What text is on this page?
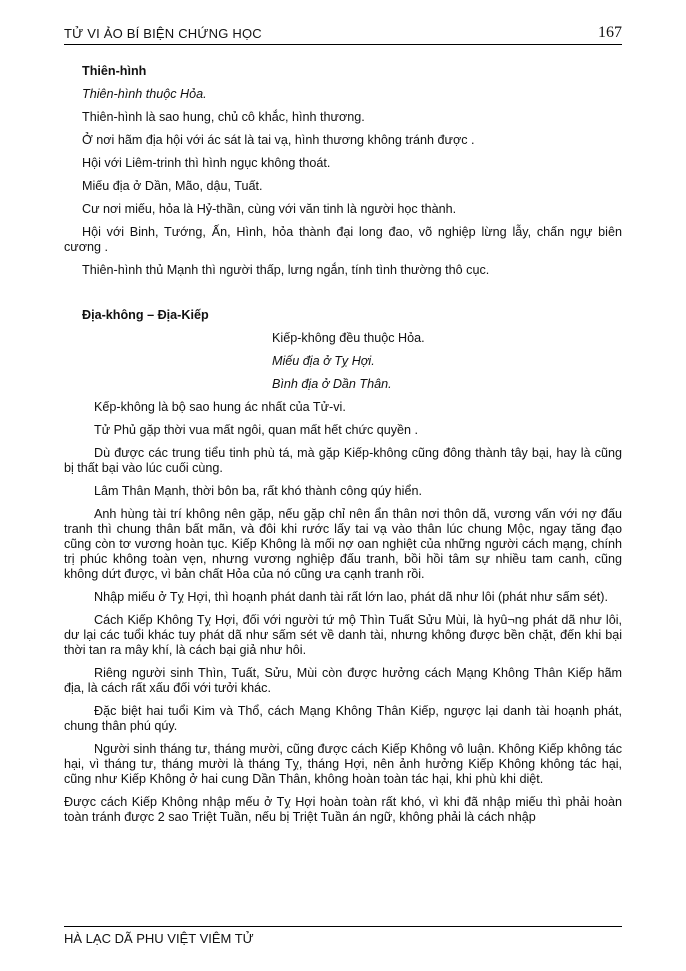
TỬ VI ẢO BÍ BIỆN CHỨNG HỌC	167

Thiên-hình

Thiên-hình thuộc Hỏa.

Thiên-hình là sao hung, chủ cô khắc, hình thương.

Ở nơi hãm địa hội với ác sát là tai vạ, hình thương không tránh được .

Hội với Liêm-trinh thì hình ngục không thoát.

Miếu địa ở Dần, Mão, dậu, Tuất.

Cư nơi miếu, hỏa là Hỷ-thần, cùng với văn tinh là người học thành.

Hội với Binh, Tướng, Ấn, Hình, hỏa thành đại long đao, võ nghiệp lừng lẫy, chấn ngự biên cương .

Thiên-hình thủ Mạnh thì người thấp, lưng ngắn, tính tình thường thô cục.

Địa-không – Địa-Kiếp

Kiếp-không đều thuộc Hỏa.

Miếu địa ở Tỵ Hợi.

Bình địa ở Dần Thân.

Kếp-không là bộ sao hung ác nhất của Tử-vi.

Tử Phủ gặp thời vua mất ngôi, quan mất hết chức quyền .

Dù được các trung tiểu tinh phù tá, mà gặp Kiếp-không cũng đông thành tây bại, hay là cũng bị thất bại vào lúc cuối cùng.

Lâm Thân Mạnh, thời bôn ba, rất khó thành công qúy hiển.

Anh hùng tài trí không nên gặp, nếu gặp chỉ nên ẩn thân nơi thôn dã, vương vấn với nợ đấu tranh thì chung thân bất mãn, và đôi khi rước lấy tai vạ vào thân lúc chung Mộc, ngay tăng đạo cũng còn tơ vương hoàn tục. Kiếp Không là mối nợ oan nghiệt của những người cách mạng, chính trị phúc không toàn vẹn, nhưng vương nghiệp đấu tranh, bồi hồi tâm sự nhiều tam canh, cũng không dứt được, vì bản chất Hỏa của nó cũng ưa cạnh tranh rồi.

Nhập miếu ở Tỵ Hợi, thì hoạnh phát danh tài rất lớn lao, phát dã như lôi (phát như sấm sét).

Cách Kiếp Không Tỵ Hợi, đối với người tứ mộ Thìn Tuất Sửu Mùi, là hyû¬ng phát dã như lôi, dư lại các tuổi khác tuy phát dã như sấm sét về danh tài, nhưng không được bền chặt, đến khi bại thời tan ra mây khí, là cách bại giả như hôi.

Riêng người sinh Thìn, Tuất, Sửu, Mùi còn được hưởng cách Mạng Không Thân Kiếp hãm địa, là cách rất xấu đối với tưởi khác.

Đặc biệt hai tuổi Kim và Thổ, cách Mạng Không Thân Kiếp, ngược lại danh tài hoạnh phát, chung thân phú qúy.

Người sinh tháng tư, tháng mười, cũng được cách Kiếp Không vô luận. Không Kiếp không tác hại, vì tháng tư, tháng mười là tháng Tỵ, tháng Hợi, nên ảnh hưởng Kiếp Không không tác hại, cũng như Kiếp Không ở hai cung Dần Thân, không hoàn toàn tác hại, khi phù khi diệt.

Được cách Kiếp Không nhập mếu ở Tỵ Hợi hoàn toàn rất khó, vì khi đã nhập miếu thì phải hoàn toàn tránh được 2 sao Triệt Tuần, nếu bị Triệt Tuần án ngữ, không phải là cách nhập

HÀ LẠC DÃ PHU VIỆT VIÊM TỬ
